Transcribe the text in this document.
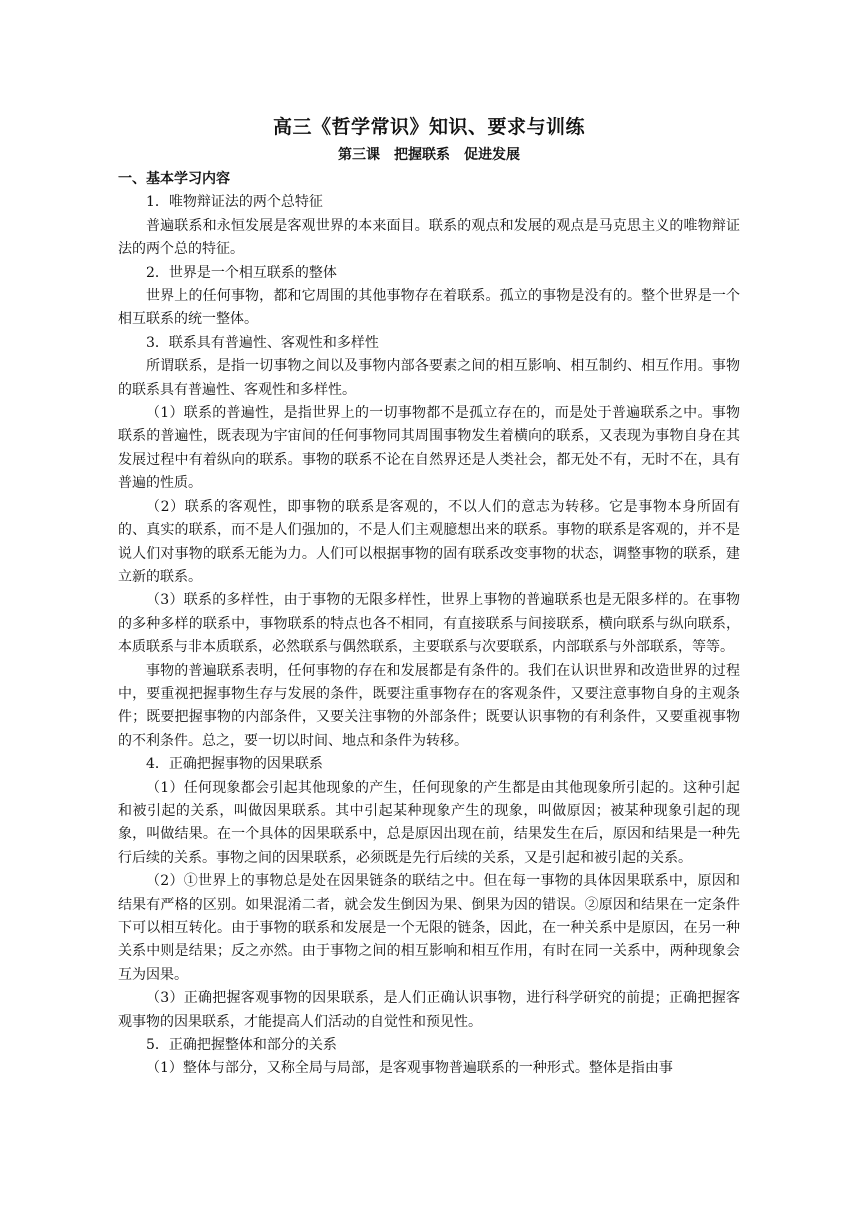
高三《哲学常识》知识、要求与训练
第三课　把握联系　促进发展
一、基本学习内容

1．唯物辩证法的两个总特征

普遍联系和永恒发展是客观世界的本来面目。联系的观点和发展的观点是马克思主义的唯物辩证法的两个总的特征。

2．世界是一个相互联系的整体

世界上的任何事物，都和它周围的其他事物存在着联系。孤立的事物是没有的。整个世界是一个相互联系的统一整体。

3．联系具有普遍性、客观性和多样性

所谓联系，是指一切事物之间以及事物内部各要素之间的相互影响、相互制约、相互作用。事物的联系具有普遍性、客观性和多样性。

（1）联系的普遍性，是指世界上的一切事物都不是孤立存在的，而是处于普遍联系之中。事物联系的普遍性，既表现为宇宙间的任何事物同其周围事物发生着横向的联系，又表现为事物自身在其发展过程中有着纵向的联系。事物的联系不论在自然界还是人类社会，都无处不有，无时不在，具有普遍的性质。

（2）联系的客观性，即事物的联系是客观的，不以人们的意志为转移。它是事物本身所固有的、真实的联系，而不是人们强加的，不是人们主观臆想出来的联系。事物的联系是客观的，并不是说人们对事物的联系无能为力。人们可以根据事物的固有联系改变事物的状态，调整事物的联系，建立新的联系。

（3）联系的多样性，由于事物的无限多样性，世界上事物的普遍联系也是无限多样的。在事物的多种多样的联系中，事物联系的特点也各不相同，有直接联系与间接联系，横向联系与纵向联系，本质联系与非本质联系，必然联系与偶然联系，主要联系与次要联系，内部联系与外部联系，等等。

事物的普遍联系表明，任何事物的存在和发展都是有条件的。我们在认识世界和改造世界的过程中，要重视把握事物生存与发展的条件，既要注重事物存在的客观条件，又要注意事物自身的主观条件；既要把握事物的内部条件，又要关注事物的外部条件；既要认识事物的有利条件，又要重视事物的不利条件。总之，要一切以时间、地点和条件为转移。

4．正确把握事物的因果联系

（1）任何现象都会引起其他现象的产生，任何现象的产生都是由其他现象所引起的。这种引起和被引起的关系，叫做因果联系。其中引起某种现象产生的现象，叫做原因；被某种现象引起的现象，叫做结果。在一个具体的因果联系中，总是原因出现在前，结果发生在后，原因和结果是一种先行后续的关系。事物之间的因果联系，必须既是先行后续的关系，又是引起和被引起的关系。

（2）①世界上的事物总是处在因果链条的联结之中。但在每一事物的具体因果联系中，原因和结果有严格的区别。如果混淆二者，就会发生倒因为果、倒果为因的错误。②原因和结果在一定条件下可以相互转化。由于事物的联系和发展是一个无限的链条，因此，在一种关系中是原因，在另一种关系中则是结果；反之亦然。由于事物之间的相互影响和相互作用，有时在同一关系中，两种现象会互为因果。

（3）正确把握客观事物的因果联系，是人们正确认识事物，进行科学研究的前提；正确把握客观事物的因果联系，才能提高人们活动的自觉性和预见性。

5．正确把握整体和部分的关系

（1）整体与部分，又称全局与局部，是客观事物普遍联系的一种形式。整体是指由事
